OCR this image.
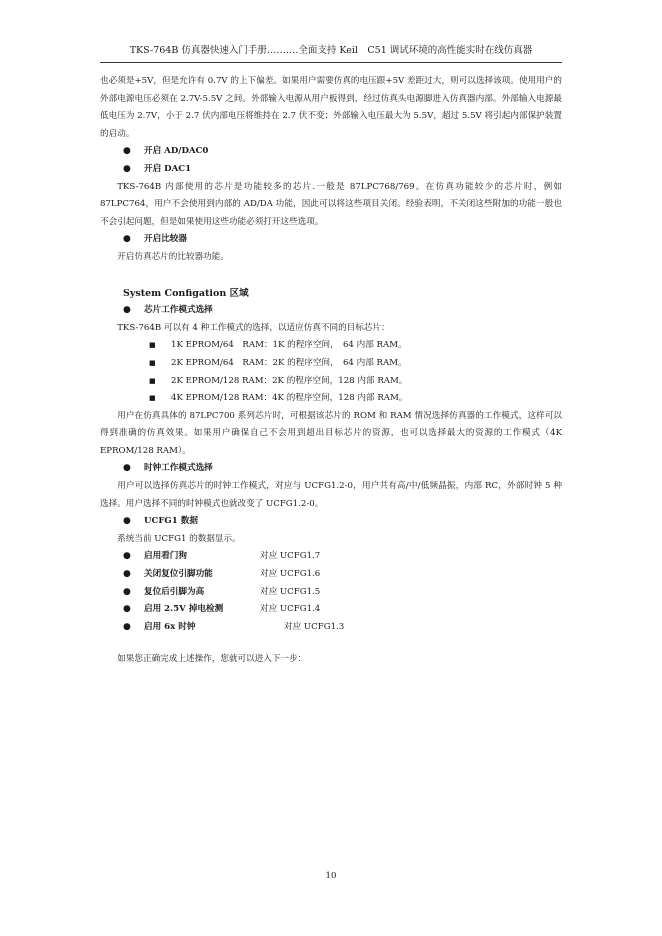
TKS-764B 仿真器快速入门手册……….全面支持 Keil　C51 调试环境的高性能实时在线仿真器

也必须是+5V，但是允许有 0.7V 的上下偏差。如果用户需要仿真的电压跟+5V 差距过大，则可以选择该项。使用用户的外部电源电压必须在 2.7V-5.5V 之间。外部输入电源从用户板得到，经过仿真头电源脚进入仿真器内部。外部输入电源最低电压为 2.7V，小于 2.7 伏内部电压将维持在 2.7 伏不变；外部输入电压最大为 5.5V，超过 5.5V 将引起内部保护装置的启动。

● 开启 AD/DAC0

● 开启 DAC1

TKS-764B 内部使用的芯片是功能较多的芯片.一般是 87LPC768/769。在仿真功能较少的芯片时，例如 87LPC764，用户不会使用到内部的 AD/DA 功能，因此可以将这些项目关闭。经验表明，不关闭这些附加的功能一般也不会引起问题，但是如果使用这些功能必须打开这些选项。

● 开启比较器

开启仿真芯片的比较器功能。

System Configation 区域

● 芯片工作模式选择

TKS-764B 可以有 4 种工作模式的选择，以适应仿真不同的目标芯片：

■ 1K EPROM/64　RAM：1K 的程序空间，　64 内部 RAM。

■ 2K EPROM/64　RAM：2K 的程序空间，　64 内部 RAM。

■ 2K EPROM/128 RAM：2K 的程序空间，128 内部 RAM。

■ 4K EPROM/128 RAM：4K 的程序空间，128 内部 RAM。

用户在仿真具体的 87LPC700 系列芯片时，可根据该芯片的 ROM 和 RAM 情况选择仿真器的工作模式，这样可以得到准确的仿真效果。如果用户确保自己不会用到超出目标芯片的资源，也可以选择最大的资源的工作模式（4K EPROM/128 RAM）。

● 时钟工作模式选择

用户可以选择仿真芯片的时钟工作模式，对应与 UCFG1.2-0，用户共有高/中/低频晶振，内部 RC，外部时钟 5 种选择。用户选择不同的时钟模式也就改变了 UCFG1.2-0。

● UCFG1 数据

系统当前 UCFG1 的数据显示。

● 启用看门狗	对应 UCFG1.7

● 关闭复位引脚功能	对应 UCFG1.6

● 复位后引脚为高	对应 UCFG1.5

● 启用 2.5V 掉电检测	对应 UCFG1.4

● 启用 6x 时钟	对应 UCFG1.3

如果您正确完成上述操作，您就可以进入下一步：

10
